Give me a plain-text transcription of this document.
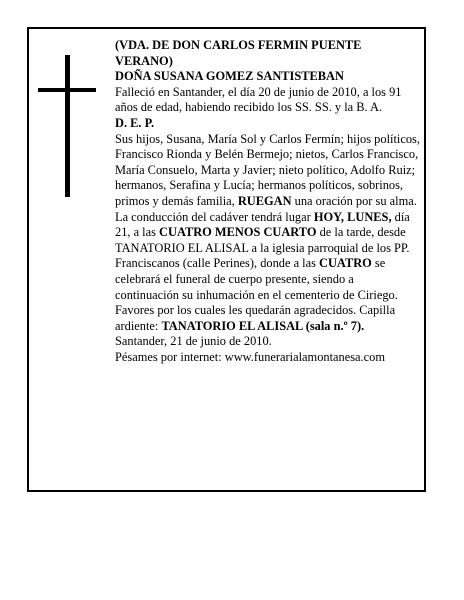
(VDA. DE DON CARLOS FERMIN PUENTE VERANO)

DOÑA SUSANA GOMEZ SANTISTEBAN

Falleció en Santander, el día 20 de junio de 2010, a los 91 años de edad, habiendo recibido los SS. SS. y la B. A.

D. E. P.

Sus hijos, Susana, María Sol y Carlos Fermín; hijos políticos, Francisco Rionda y Belén Bermejo; nietos, Carlos Francisco, María Consuelo, Marta y Javier; nieto político, Adolfo Ruiz; hermanos, Serafina y Lucía; hermanos políticos, sobrinos, primos y demás familia, RUEGAN una oración por su alma. La conducción del cadáver tendrá lugar HOY, LUNES, día 21, a las CUATRO MENOS CUARTO de la tarde, desde TANATORIO EL ALISAL a la iglesia parroquial de los PP. Franciscanos (calle Perines), donde a las CUATRO se celebrará el funeral de cuerpo presente, siendo a continuación su inhumación en el cementerio de Ciriego. Favores por los cuales les quedarán agradecidos. Capilla ardiente: TANATORIO EL ALISAL (sala n.º 7).

Santander, 21 de junio de 2010.

Pésames por internet: www.funerarialamontanesa.com
